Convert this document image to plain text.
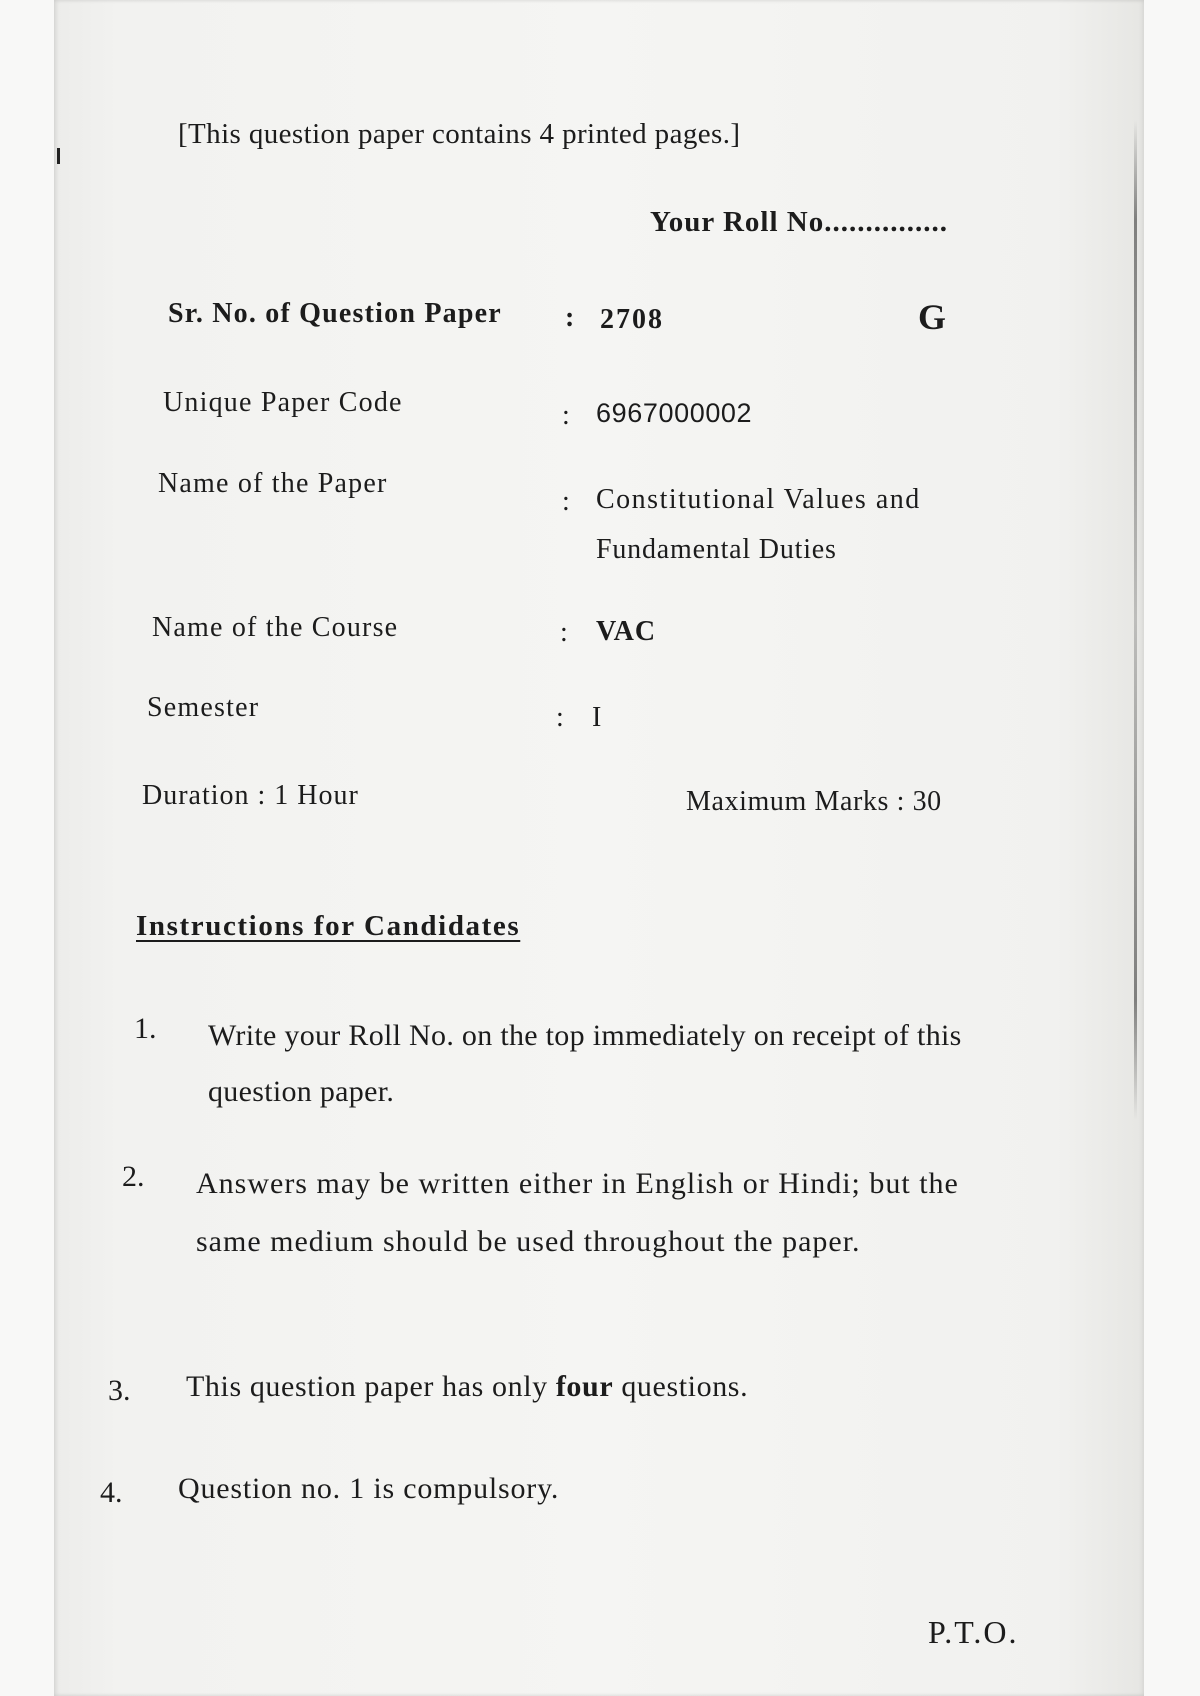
[This question paper contains 4 printed pages.]
Your Roll No...............
Sr. No. of Question Paper : 2708	G
Unique Paper Code	: 6967000002
Name of the Paper
: Constitutional Values and
Fundamental Duties
Name of the Course	: VAC
Semester	: I
Duration : 1 Hour	Maximum Marks : 30
Instructions for Candidates
1. Write your Roll No. on the top immediately on receipt of this question paper.
2. Answers may be written either in English or Hindi; but the same medium should be used throughout the paper.
3. This question paper has only four questions.
4. Question no. 1 is compulsory.
P.T.O.
